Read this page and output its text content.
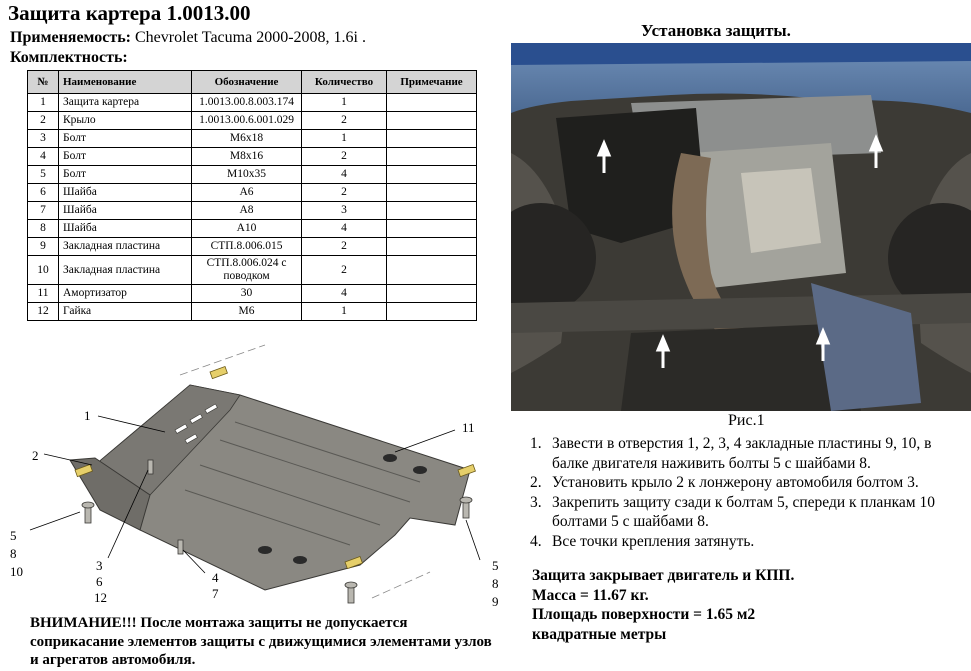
Защита картера 1.0013.00
Применяемость: Chevrolet Tacuma 2000-2008, 1.6i .
Комплектность:
№	Наименование	Обозначение	Количество	Примечание
1	Защита картера	1.0013.00.8.003.174	1	
2	Крыло	1.0013.00.6.001.029	2	
3	Болт	М6х18	1	
4	Болт	М8х16	2	
5	Болт	М10х35	4	
6	Шайба	А6	2	
7	Шайба	А8	3	
8	Шайба	А10	4	
9	Закладная пластина	СТП.8.006.015	2	
10	Закладная пластина	СТП.8.006.024 с поводком	2	
11	Амортизатор	30	4	
12	Гайка	М6	1	
Установка защиты.
Рис.1
1. Завести в отверстия 1, 2, 3, 4 закладные пластины 9, 10, в балке двигателя наживить болты 5 с шайбами 8.
2. Установить крыло 2 к лонжерону автомобиля болтом 3.
3. Закрепить защиту сзади к болтам 5, спереди к планкам 10 болтами 5 с шайбами 8.
4. Все точки крепления затянуть.
Защита закрывает двигатель и КПП.
Масса = 11.67 кг.
Площадь поверхности = 1.65 м2
квадратные метры
1
2
3
6
12
4
7
11
5
8
10	5
8
9
ВНИМАНИЕ!!! После монтажа защиты не допускается соприкасание элементов защиты с движущимися элементами узлов и агрегатов автомобиля.
